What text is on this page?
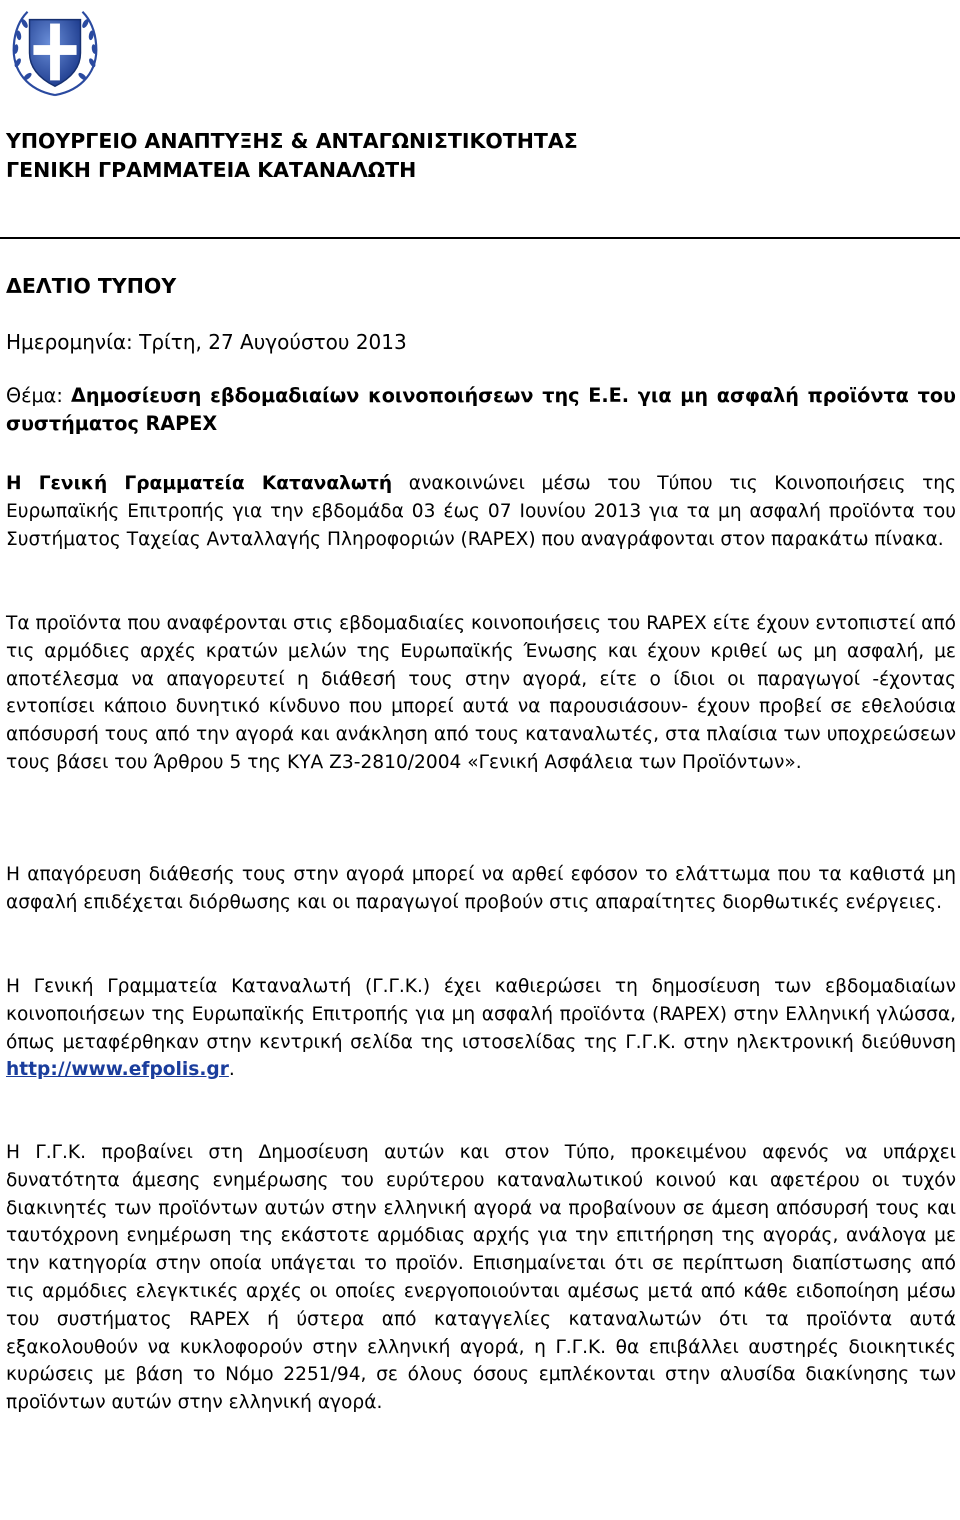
ΥΠΟΥΡΓΕΙΟ ΑΝΑΠΤΥΞΗΣ & ΑΝΤΑΓΩΝΙΣΤΙΚΟΤΗΤΑΣ
ΓΕΝΙΚΗ ΓΡΑΜΜΑΤΕΙΑ ΚΑΤΑΝΑΛΩΤΗ
ΔΕΛΤΙΟ ΤΥΠΟΥ
Ημερομηνία: Τρίτη, 27 Αυγούστου 2013
Θέμα: Δημοσίευση εβδομαδιαίων κοινοποιήσεων της Ε.Ε. για μη ασφαλή προϊόντα του συστήματος RAPEX
Η Γενική Γραμματεία Καταναλωτή ανακοινώνει μέσω του Τύπου τις Κοινοποιήσεις της Ευρωπαϊκής Επιτροπής για την εβδομάδα 03 έως 07 Ιουνίου 2013 για τα μη ασφαλή προϊόντα του Συστήματος Ταχείας Ανταλλαγής Πληροφοριών (RAPEX) που αναγράφονται στον παρακάτω πίνακα.
Τα προϊόντα που αναφέρονται στις εβδομαδιαίες κοινοποιήσεις του RAPEX είτε έχουν εντοπιστεί από τις αρμόδιες αρχές κρατών μελών της Ευρωπαϊκής Ένωσης και έχουν κριθεί ως μη ασφαλή, με αποτέλεσμα να απαγορευτεί η διάθεσή τους στην αγορά, είτε ο ίδιοι οι παραγωγοί -έχοντας εντοπίσει κάποιο δυνητικό κίνδυνο που μπορεί αυτά να παρουσιάσουν- έχουν προβεί σε εθελούσια απόσυρσή τους από την αγορά και ανάκληση από τους καταναλωτές, στα πλαίσια των υποχρεώσεων τους βάσει του Άρθρου 5 της ΚΥΑ Ζ3-2810/2004 «Γενική Ασφάλεια των Προϊόντων».
Η απαγόρευση διάθεσής τους στην αγορά μπορεί να αρθεί εφόσον το ελάττωμα που τα καθιστά μη ασφαλή επιδέχεται διόρθωσης και οι παραγωγοί προβούν στις απαραίτητες διορθωτικές ενέργειες.
Η Γενική Γραμματεία Καταναλωτή (Γ.Γ.Κ.) έχει καθιερώσει τη δημοσίευση των εβδομαδιαίων κοινοποιήσεων της Ευρωπαϊκής Επιτροπής για μη ασφαλή προϊόντα (RAPEX) στην Ελληνική γλώσσα, όπως μεταφέρθηκαν στην κεντρική σελίδα της ιστοσελίδας της Γ.Γ.Κ. στην ηλεκτρονική διεύθυνση http://www.efpolis.gr.
Η Γ.Γ.Κ. προβαίνει στη Δημοσίευση αυτών και στον Τύπο, προκειμένου αφενός να υπάρχει δυνατότητα άμεσης ενημέρωσης του ευρύτερου καταναλωτικού κοινού και αφετέρου οι τυχόν διακινητές των προϊόντων αυτών στην ελληνική αγορά να προβαίνουν σε άμεση απόσυρσή τους και ταυτόχρονη ενημέρωση της εκάστοτε αρμόδιας αρχής για την επιτήρηση της αγοράς, ανάλογα με την κατηγορία στην οποία υπάγεται το προϊόν. Επισημαίνεται ότι σε περίπτωση διαπίστωσης από τις αρμόδιες ελεγκτικές αρχές οι οποίες ενεργοποιούνται αμέσως μετά από κάθε ειδοποίηση μέσω του συστήματος RAPEX ή ύστερα από καταγγελίες καταναλωτών ότι τα προϊόντα αυτά εξακολουθούν να κυκλοφορούν στην ελληνική αγορά, η Γ.Γ.Κ. θα επιβάλλει αυστηρές διοικητικές κυρώσεις με βάση το Νόμο 2251/94, σε όλους όσους εμπλέκονται στην αλυσίδα διακίνησης των προϊόντων αυτών στην ελληνική αγορά.
